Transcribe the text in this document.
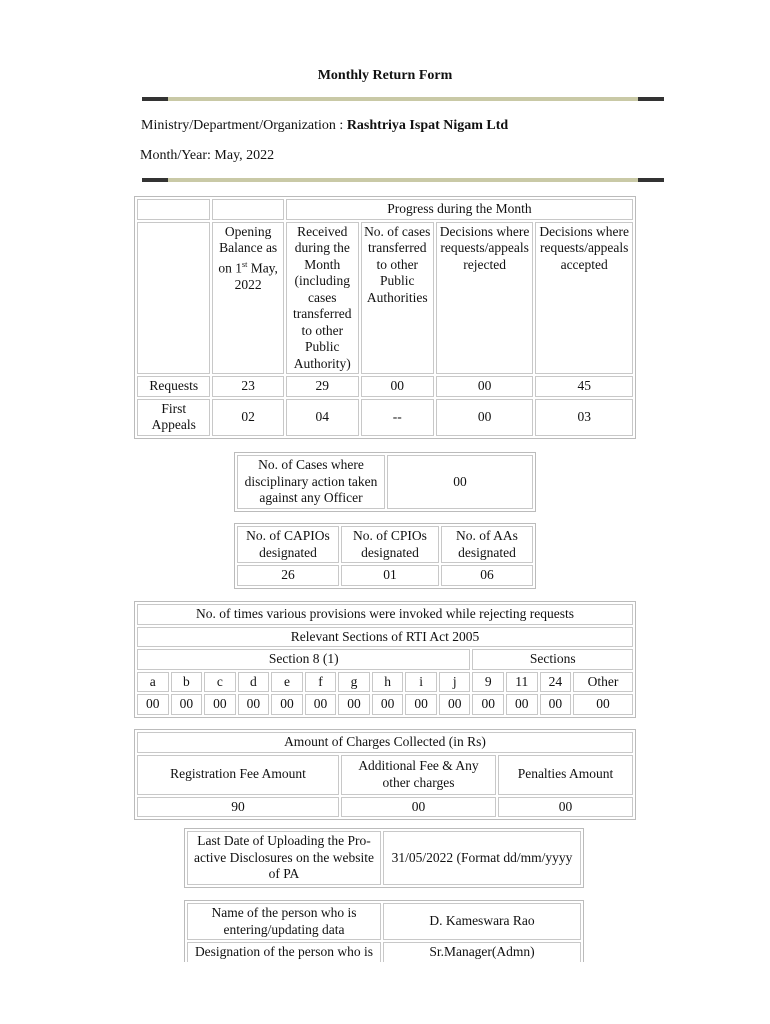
Monthly Return Form
Ministry/Department/Organization : Rashtriya Ispat Nigam Ltd
Month/Year: May, 2022
		Progress during the Month			
	Opening Balance as on 1st May, 2022	Received during the Month (including cases transferred to other Public Authority)	No. of cases transferred to other Public Authorities	Decisions where requests/appeals rejected	Decisions where requests/appeals accepted
Requests	23	29	00	00	45
First Appeals	02	04	--	00	03
No. of Cases where disciplinary action taken against any Officer	00
No. of CAPIOs designated	No. of CPIOs designated	No. of AAs designated
26	01	06
No. of times various provisions were invoked while rejecting requests													
Relevant Sections of RTI Act 2005													
Section 8 (1)										Sections			
a	b	c	d	e	f	g	h	i	j	9	11	24	Other
00	00	00	00	00	00	00	00	00	00	00	00	00	00
Amount of Charges Collected (in Rs)		
Registration Fee Amount	Additional Fee & Any other charges	Penalties Amount
90	00	00
Last Date of Uploading the Pro-active Disclosures on the website of PA	31/05/2022 (Format dd/mm/yyyy
Name of the person who is entering/updating data	D. Kameswara Rao
Designation of the person who is	Sr.Manager(Admn)
